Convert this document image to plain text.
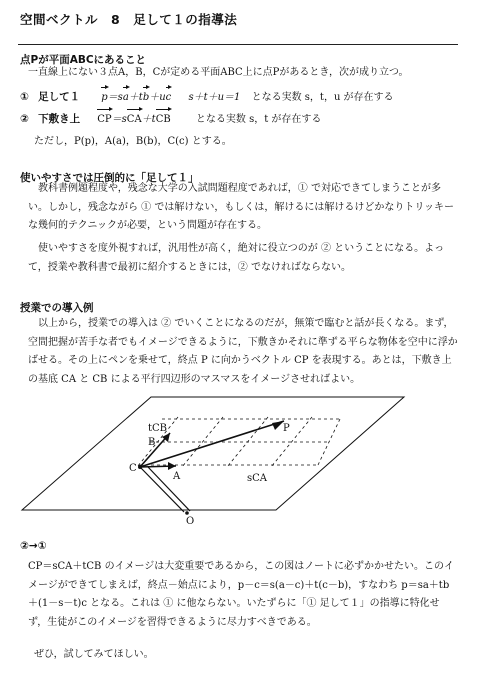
空間ベクトル　8　足して１の指導法
点Pが平面ABCにあること
一直線上にない３点A，B，Cが定める平面ABC上に点Pがあるとき，次が成り立つ。
① 足して１ p＝sa＋tb＋uc s＋t＋u＝1 となる実数 s，t，u が存在する
② 下敷き上 CP＝sCA＋tCB	となる実数 s，t が存在する
ただし，P(p)，A(a)，B(b)，C(c) とする。
使いやすさでは圧倒的に「足して１」
教科書例題程度や，残念な大学の入試問題程度であれば，① で対応できてしまうことが多い。しかし，残念ながら ① では解けない，もしくは，解けるには解けるけどかなりトリッキーな幾何的テクニックが必要，という問題が存在する。
使いやすさを度外視すれば，汎用性が高く，絶対に役立つのが ② ということになる。よって，授業や教科書で最初に紹介するときには，② でなければならない。
授業での導入例
以上から，授業での導入は ② でいくことになるのだが，無策で臨むと話が長くなる。まず，空間把握が苦手な者でもイメージできるように，下敷きかそれに準ずる平らな物体を空中に浮かばせる。その上にペンを乗せて，終点 P に向かうベクトル CP を表現する。あとは，下敷き上の基底 CA と CB による平行四辺形のマスマスをイメージさせればよい。
tCB
B
P
C
A	sCA
O
②→①
CP＝sCA＋tCB のイメージは大変重要であるから，この図はノートに必ずかかせたい。このイメージができてしまえば，終点－始点により，p－c＝s(a－c)＋t(c－b)，すなわち p＝sa＋tb＋(1－s－t)c となる。これは ① に他ならない。いたずらに「① 足して１」の指導に特化せず，生徒がこのイメージを習得できるように尽力すべきである。
ぜひ，試してみてほしい。
